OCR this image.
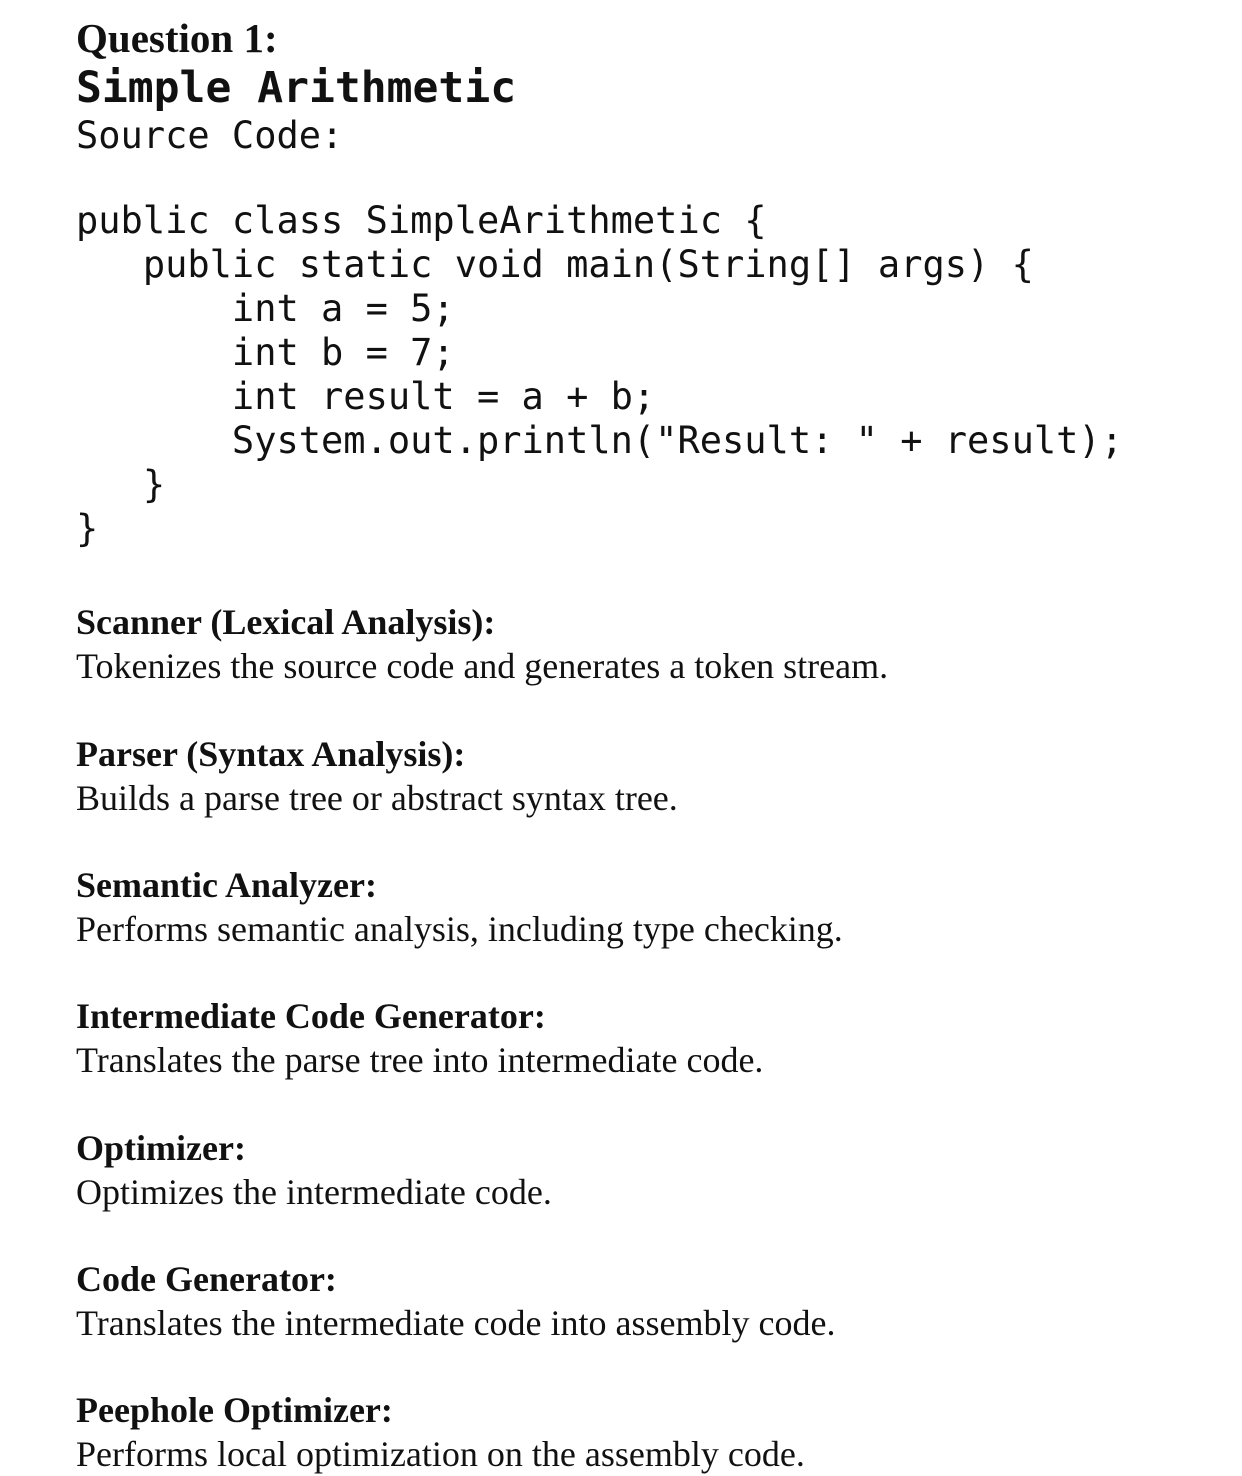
Question 1:
Simple Arithmetic
Source Code:
public class SimpleArithmetic {
public static void main(String[] args) {
int a = 5;
int b = 7;
int result = a + b;
System.out.println("Result: " + result);
}
}
Scanner (Lexical Analysis):
Tokenizes the source code and generates a token stream.
Parser (Syntax Analysis):
Builds a parse tree or abstract syntax tree.
Semantic Analyzer:
Performs semantic analysis, including type checking.
Intermediate Code Generator:
Translates the parse tree into intermediate code.
Optimizer:
Optimizes the intermediate code.
Code Generator:
Translates the intermediate code into assembly code.
Peephole Optimizer:
Performs local optimization on the assembly code.
